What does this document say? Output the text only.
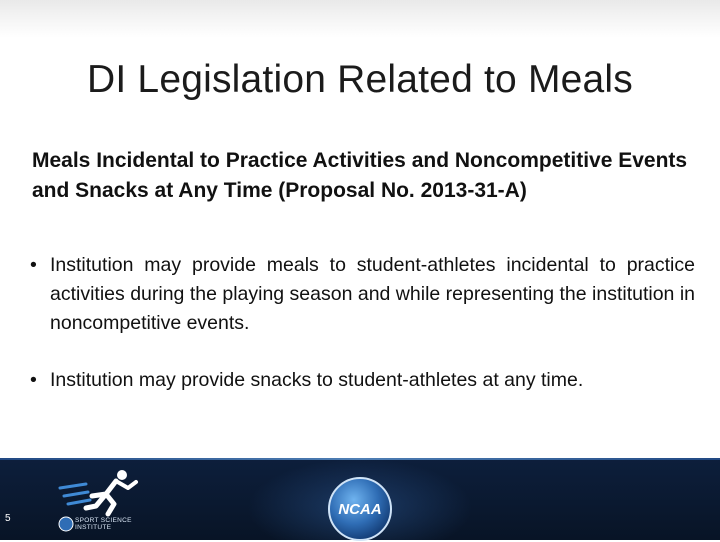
DI Legislation Related to Meals
Meals Incidental to Practice Activities and Noncompetitive Events and Snacks at Any Time (Proposal No. 2013-31-A)
• Institution may provide meals to student-athletes incidental to practice activities during the playing season and while representing the institution in noncompetitive events.
• Institution may provide snacks to student-athletes at any time.
5	SPORT SCIENCE
INSTITUTE
NCAA
